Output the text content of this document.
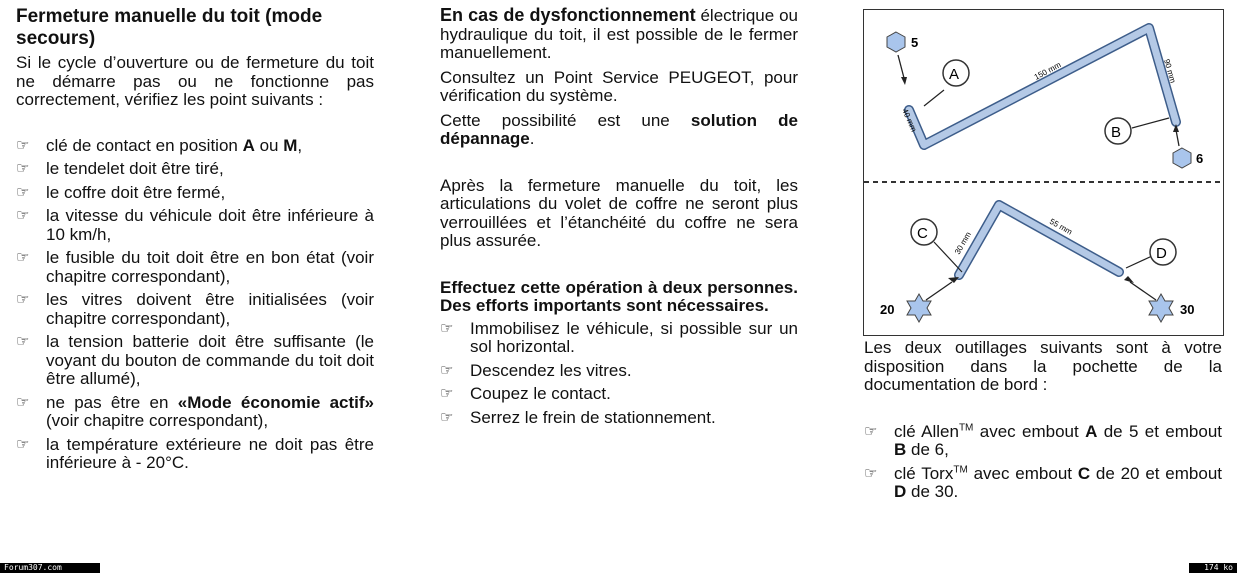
Fermeture manuelle du toit (mode secours)

Si le cycle d’ouverture ou de fermeture du toit ne démarre pas ou ne fonctionne pas correctement, vérifiez les point suivants :

☞ clé de contact en position A ou M,
☞ le tendelet doit être tiré,
☞ le coffre doit être fermé,
☞ la vitesse du véhicule doit être inférieure à 10 km/h,
☞ le fusible du toit doit être en bon état (voir chapitre correspondant),
☞ les vitres doivent être initialisées (voir chapitre correspondant),
☞ la tension batterie doit être suffisante (le voyant du bouton de commande du toit doit être allumé),
☞ ne pas être en «Mode économie actif» (voir chapitre correspondant),
☞ la température extérieure ne doit pas être inférieure à - 20°C.

En cas de dysfonctionnement électrique ou hydraulique du toit, il est possible de le fermer manuellement.

Consultez un Point Service PEUGEOT, pour vérification du système.

Cette possibilité est une solution de dépannage.

Après la fermeture manuelle du toit, les articulations du volet de coffre ne seront plus verrouillées et l’étanchéité du coffre ne sera plus assurée.

Effectuez cette opération à deux personnes. Des efforts importants sont nécessaires.

☞ Immobilisez le véhicule, si possible sur un sol horizontal.
☞ Descendez les vitres.
☞ Coupez le contact.
☞ Serrez le frein de stationnement.
150 mm
40 mm
90 mm
5
A
B
6
55 mm
30 mm
C
D
20	30

Les deux outillages suivants sont à votre disposition dans la pochette de la documentation de bord :

☞ clé Allen™ avec embout A de 5 et embout B de 6,
☞ clé Torx™ avec embout C de 20 et embout D de 30.
Forum307.com	174 ko
